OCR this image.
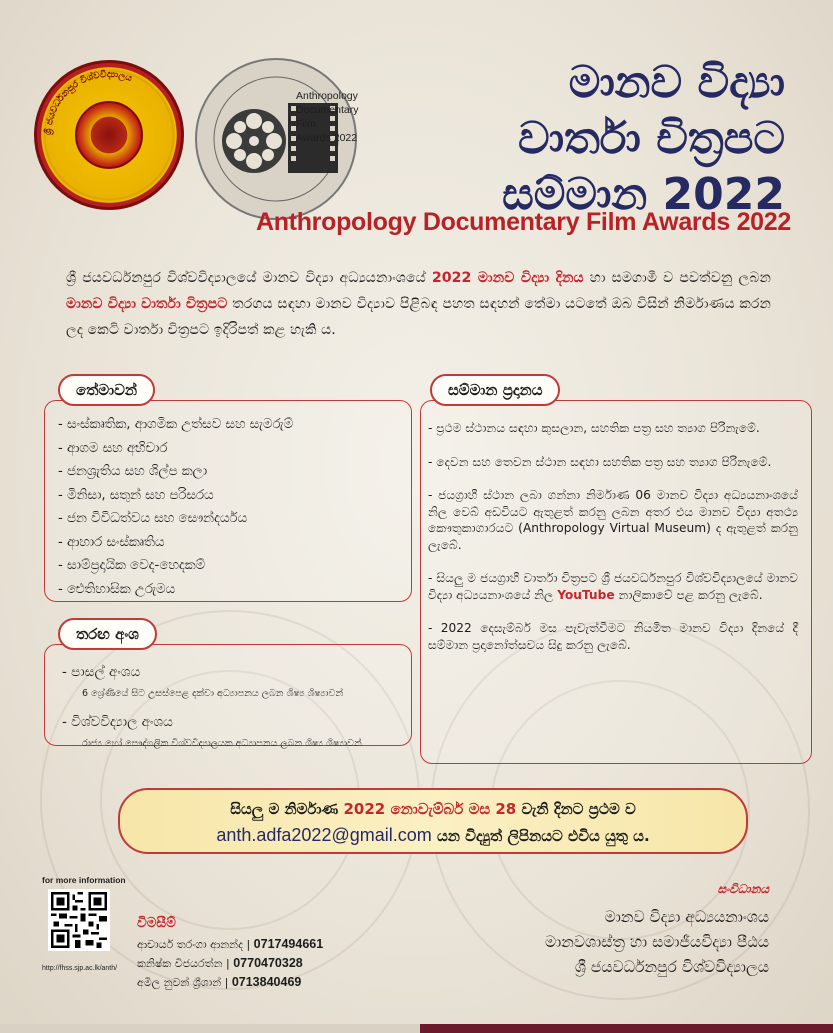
ශ්‍රී ජයවර්ධනපුර විශ්වවිද්‍යාලය
Anthropology
Documentary
Film
Awards 2022
මානව විද්‍යා
වාර්තා චිත්‍රපට
සම්මාන 2022
Anthropology Documentary Film Awards 2022
ශ්‍රී ජයවර්ධනපුර විශ්වවිද්‍යාලයේ මානව විද්‍යා අධ්‍යයනාංශයේ 2022 මානව විද්‍යා දිනය හා සමගාමී ව පවත්වනු ලබන මානව විද්‍යා වාර්තා චිත්‍රපට තරගය සඳහා මානව විද්‍යාව පිළිබඳ පහත සඳහන් තේමා යටතේ ඔබ විසින් නිර්මාණය කරන ලද කෙටි වාර්තා චිත්‍රපට ඉදිරිපත් කළ හැකි ය.
තේමාවන්
- සංස්කෘතික, ආගමික උත්සව සහ සැමරුම්
- ආගම සහ අභිචාර
- ජනශ්‍රැතිය සහ ශිල්ප කලා
- මිනිසා, සතුන් සහ පරිසරය
- ජන විවිධත්වය සහ සෞන්දර්යය
- ආහාර සංස්කෘතිය
- සාම්ප්‍රදායික වෙද-හෙදකම්
- ඓතිහාසික උරුමය
තරඟ අංශ
- පාසල් අංශය
6 ශ්‍රේණියේ සිට උසස්පෙළ දක්වා අධ්‍යාපනය ලබන ශිෂ්‍ය ශිෂ්‍යාවන්
- විශ්වවිද්‍යාල අංශය
රාජ්‍ය හෝ පෞද්ගලික විශ්වවිද්‍යාලයක අධ්‍යාපනය ලබන ශිෂ්‍ය ශිෂ්‍යාවන්
සම්මාන ප්‍රදානය
- ප්‍රථම ස්ථානය සඳහා කුසලාන, සහතික පත්‍ර සහ ත්‍යාග පිරිනැමේ.
- දෙවන සහ තෙවන ස්ථාන සඳහා සහතික පත්‍ර සහ ත්‍යාග පිරිනැමේ.
- ජයග්‍රාහී ස්ථාන ලබා ගන්නා නිර්මාණ 06 මානව විද්‍යා අධ්‍යයනාංශයේ නිල වෙබ් අඩවියට ඇතුළත් කරනු ලබන අතර එය මානව විද්‍යා අතථ්‍ය කෞතුකාගාරයට (Anthropology Virtual Museum) ද ඇතුළත් කරනු ලැබේ.
- සියලු ම ජයග්‍රාහී වාර්තා චිත්‍රපට ශ්‍රී ජයවර්ධනපුර විශ්වවිද්‍යාලයේ මානව විද්‍යා අධ්‍යයනාංශයේ නිල YouTube නාලිකාවේ පළ කරනු ලැබේ.
- 2022 දෙසැම්බර් මස පැවැත්වීමට නියමිත මානව විද්‍යා දිනයේ දී සම්මාන ප්‍රදානෝත්සවය සිදු කරනු ලැබේ.
සියලු ම නිර්මාණ 2022 නොවැම්බර් මස 28 වැනි දිනට ප්‍රථම ව
anth.adfa2022@gmail.com යන විද්‍යුත් ලිපිනයට එවිය යුතු ය.
for more information
http://fhss.sjp.ac.lk/anth/
විමසීම්
ආචාර්ය තරංගා ආනන්ද | 0717494661
කනිෂ්ක විජයරත්න | 0770470328
අමිල නුවන් ශ්‍රීශාන් | 0713840469
සංවිධානය
මානව විද්‍යා අධ්‍යයනාංශය
මානවශාස්ත්‍ර හා සමාජීයවිද්‍යා පීඨය
ශ්‍රී ජයවර්ධනපුර විශ්වවිද්‍යාලය
